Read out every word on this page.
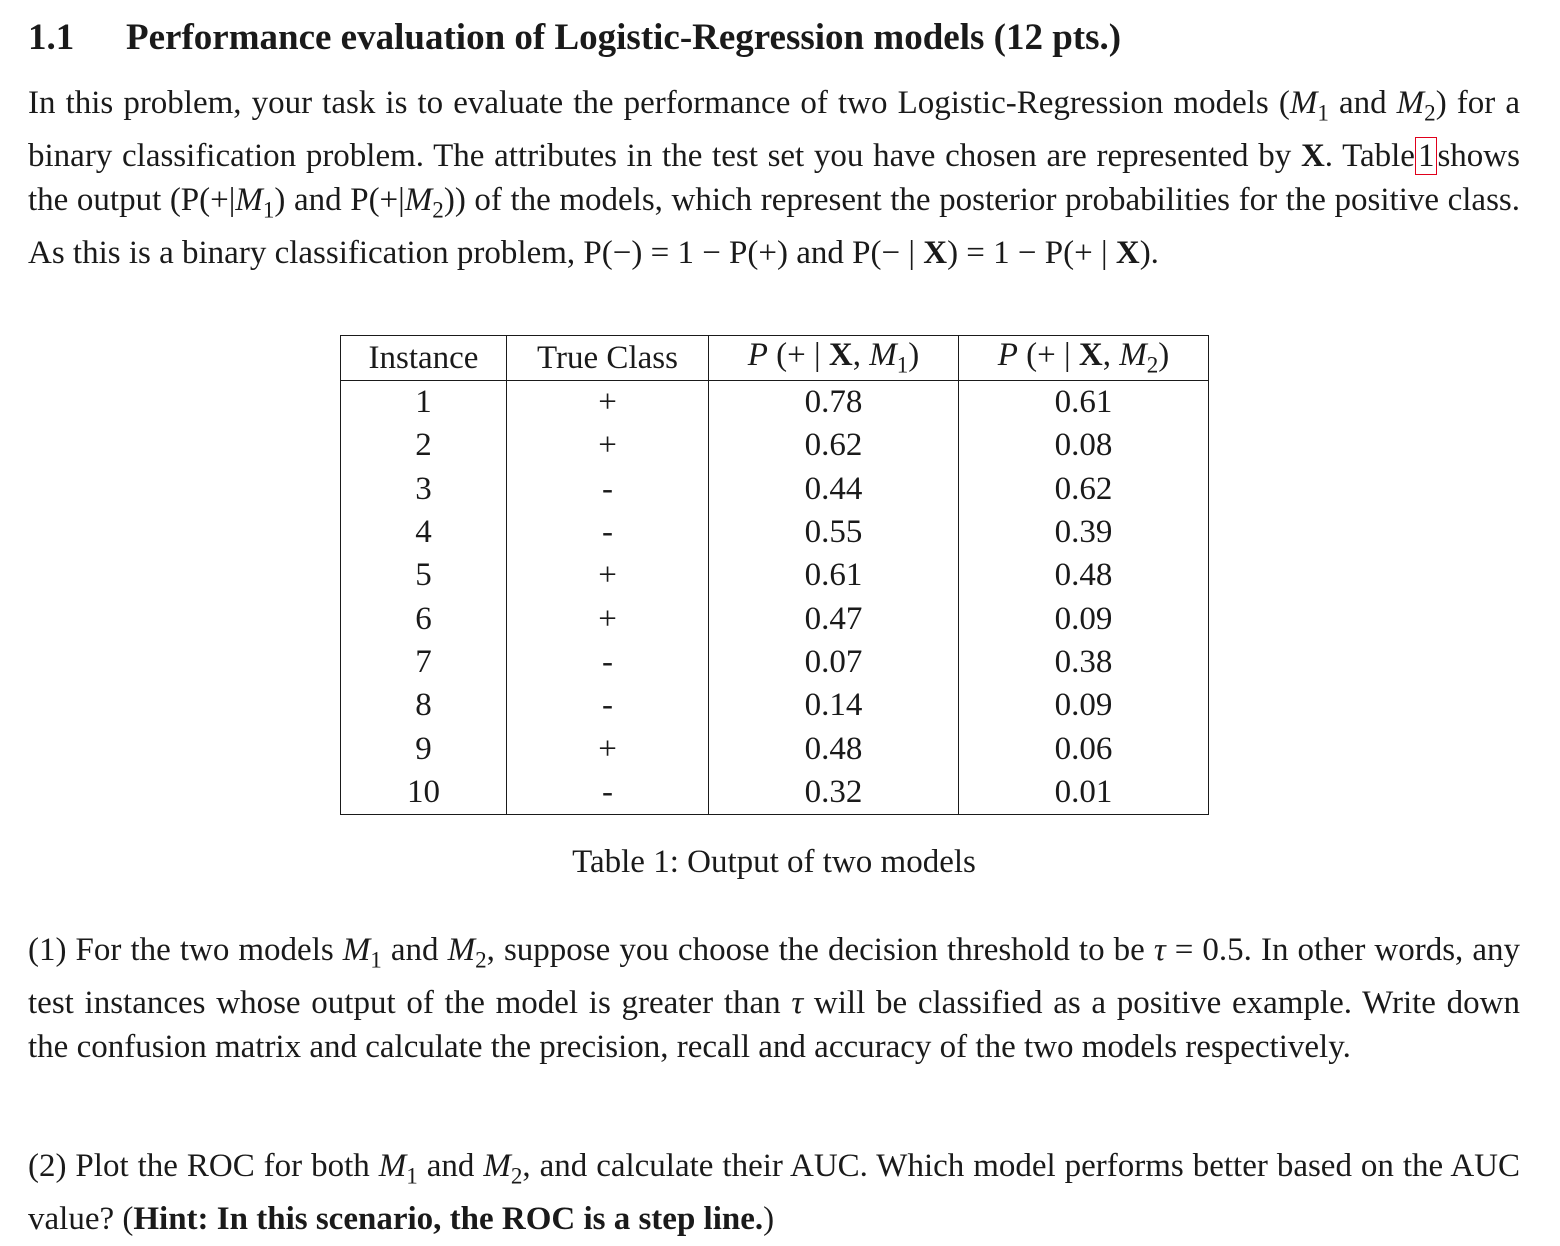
1.1 Performance evaluation of Logistic-Regression models (12 pts.)
In this problem, your task is to evaluate the performance of two Logistic-Regression models ($M_1$ and $M_2$) for a binary classification problem. The attributes in the test set you have chosen are represented by X. Table1shows the output ($P(+|M_1)$ and $P(+|M_2)$) of the models, which represent the posterior probabilities for the positive class. As this is a binary classification problem, P(−) = 1 − P(+) and P(− | X) = 1 − P(+ | X).
Instance	True Class	P (+ | X, $M_1$)	P (+ | X, $M_2$)
1	+	0.78	0.61
2	+	0.62	0.08
3	-	0.44	0.62
4	-	0.55	0.39
5	+	0.61	0.48
6	+	0.47	0.09
7	-	0.07	0.38
8	-	0.14	0.09
9	+	0.48	0.06
10	-	0.32	0.01
Table 1: Output of two models
(1) For the two models $M_1$ and $M_2$, suppose you choose the decision threshold to be τ = 0.5. In other words, any test instances whose output of the model is greater than τ will be classified as a positive example. Write down the confusion matrix and calculate the precision, recall and accuracy of the two models respectively.
(2) Plot the ROC for both $M_1$ and $M_2$, and calculate their AUC. Which model performs better based on the AUC value? (Hint: In this scenario, the ROC is a step line.)
